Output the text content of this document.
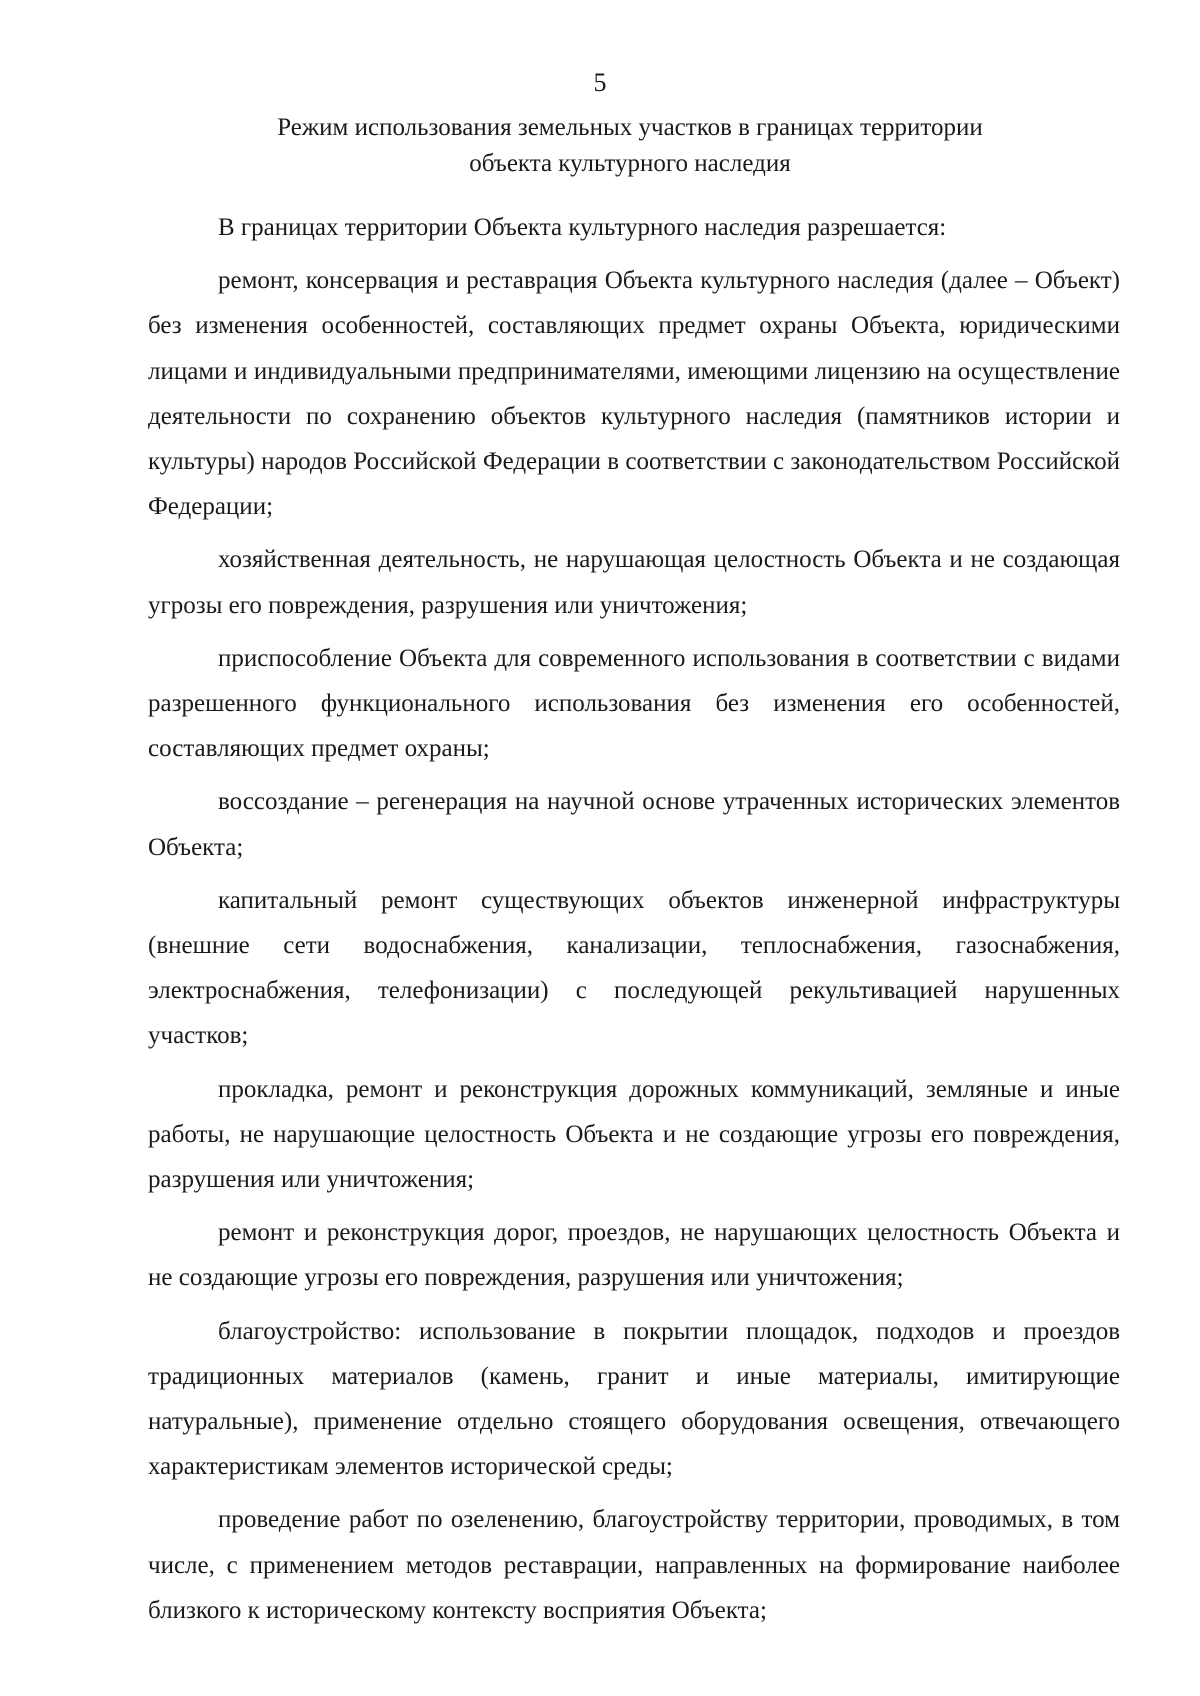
5
Режим использования земельных участков в границах территории
объекта культурного наследия

В границах территории Объекта культурного наследия разрешается:

ремонт, консервация и реставрация Объекта культурного наследия (далее – Объект) без изменения особенностей, составляющих предмет охраны Объекта, юридическими лицами и индивидуальными предпринимателями, имеющими лицензию на осуществление деятельности по сохранению объектов культурного наследия (памятников истории и культуры) народов Российской Федерации в соответствии с законодательством Российской Федерации;

хозяйственная деятельность, не нарушающая целостность Объекта и не создающая угрозы его повреждения, разрушения или уничтожения;

приспособление Объекта для современного использования в соответствии с видами разрешенного функционального использования без изменения его особенностей, составляющих предмет охраны;

воссоздание – регенерация на научной основе утраченных исторических элементов Объекта;

капитальный ремонт существующих объектов инженерной инфраструктуры (внешние сети водоснабжения, канализации, теплоснабжения, газоснабжения, электроснабжения, телефонизации) с последующей рекультивацией нарушенных участков;

прокладка, ремонт и реконструкция дорожных коммуникаций, земляные и иные работы, не нарушающие целостность Объекта и не создающие угрозы его повреждения, разрушения или уничтожения;

ремонт и реконструкция дорог, проездов, не нарушающих целостность Объекта и не создающие угрозы его повреждения, разрушения или уничтожения;

благоустройство: использование в покрытии площадок, подходов и проездов традиционных материалов (камень, гранит и иные материалы, имитирующие натуральные), применение отдельно стоящего оборудования освещения, отвечающего характеристикам элементов исторической среды;

проведение работ по озеленению, благоустройству территории, проводимых, в том числе, с применением методов реставрации, направленных на формирование наиболее близкого к историческому контексту восприятия Объекта;
